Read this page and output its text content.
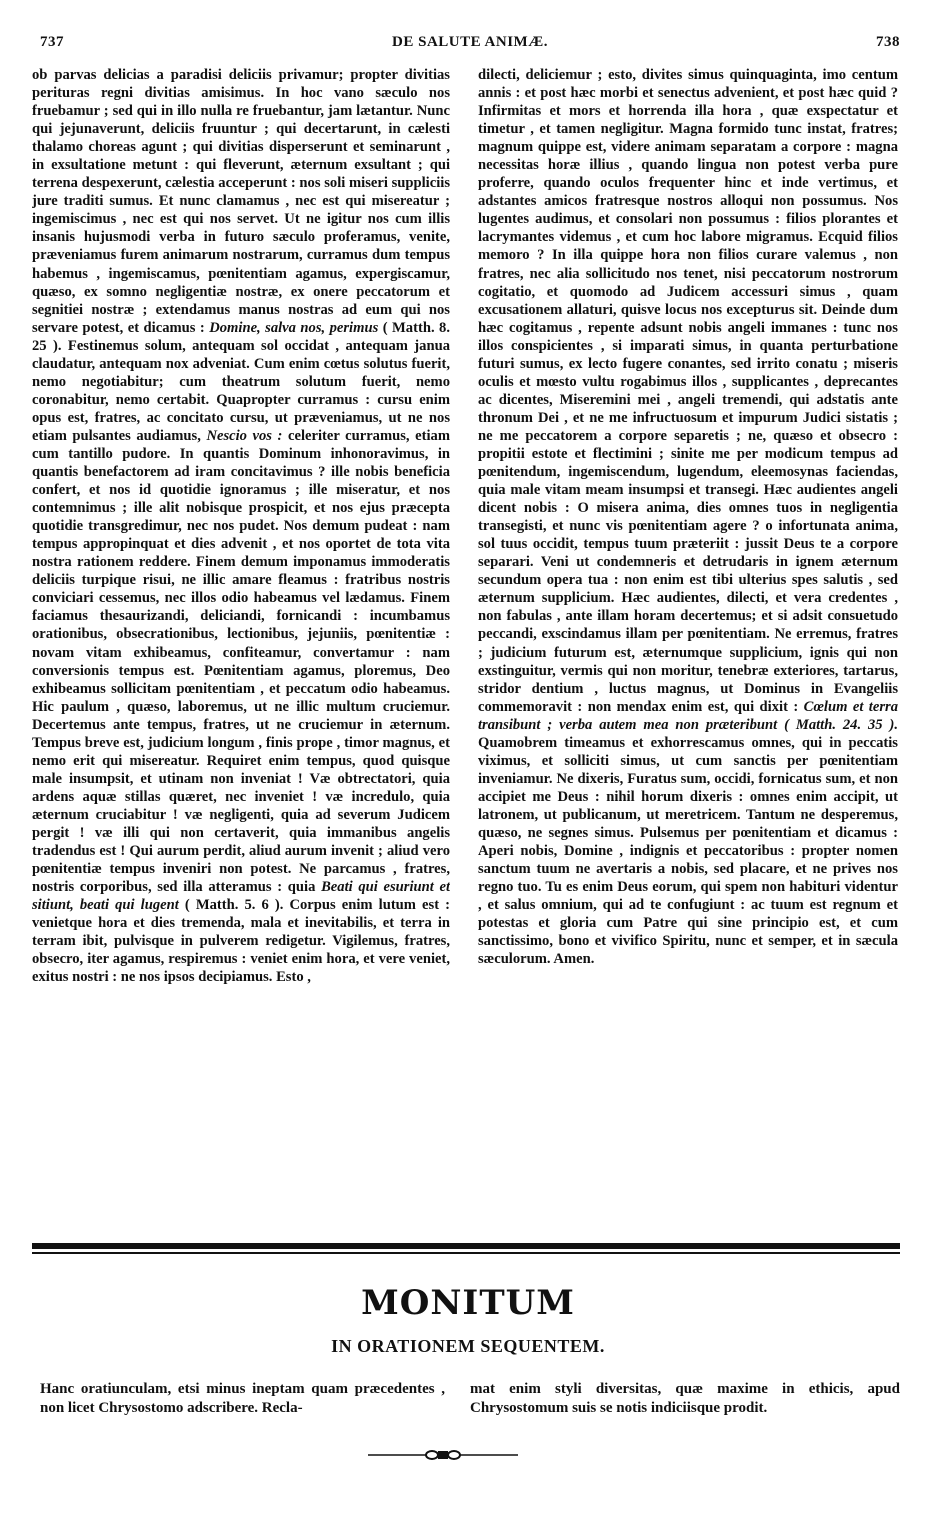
737	DE SALUTE ANIMÆ.	738

ob parvas delicias a paradisi deliciis privamur; propter divitias perituras regni divitias amisimus. In hoc vano sæculo nos fruebamur ; sed qui in illo nulla re fruebantur, jam lætantur. Nunc qui jejunaverunt, deliciis fruuntur ; qui decertarunt, in cælesti thalamo choreas agunt ; qui divitias disperserunt et seminarunt , in exsultatione metunt : qui fleverunt, æternum exsultant ; qui terrena despexerunt, cælestia acceperunt : nos soli miseri suppliciis jure traditi sumus. Et nunc clamamus , nec est qui misereatur ; ingemiscimus , nec est qui nos servet. Ut ne igitur nos cum illis insanis hujusmodi verba in futuro sæculo proferamus, venite, præveniamus furem animarum nostrarum, curramus dum tempus habemus , ingemiscamus, pœnitentiam agamus, expergiscamur, quæso, ex somno negligentiæ nostræ, ex onere peccatorum et segnitiei nostræ ; extendamus manus nostras ad eum qui nos servare potest, et dicamus : Domine, salva nos, perimus ( Matth. 8. 25 ). Festinemus solum, antequam sol occidat , antequam janua claudatur, antequam nox adveniat. Cum enim cœtus solutus fuerit, nemo negotiabitur; cum theatrum solutum fuerit, nemo coronabitur, nemo certabit. Quapropter curramus : cursu enim opus est, fratres, ac concitato cursu, ut præveniamus, ut ne nos etiam pulsantes audiamus, Nescio vos : celeriter curramus, etiam cum tantillo pudore. In quantis Dominum inhonoravimus, in quantis benefactorem ad iram concitavimus ? ille nobis beneficia confert, et nos id quotidie ignoramus ; ille miseratur, et nos contemnimus ; ille alit nobisque prospicit, et nos ejus præcepta quotidie transgredimur, nec nos pudet. Nos demum pudeat : nam tempus appropinquat et dies advenit , et nos oportet de tota vita nostra rationem reddere. Finem demum imponamus immoderatis deliciis turpique risui, ne illic amare fleamus : fratribus nostris conviciari cessemus, nec illos odio habeamus vel lædamus. Finem faciamus thesaurizandi, deliciandi, fornicandi : incumbamus orationibus, obsecrationibus, lectionibus, jejuniis, pœnitentiæ : novam vitam exhibeamus, confiteamur, convertamur : nam conversionis tempus est. Pœnitentiam agamus, ploremus, Deo exhibeamus sollicitam pœnitentiam , et peccatum odio habeamus. Hic paulum , quæso, laboremus, ut ne illic multum cruciemur. Decertemus ante tempus, fratres, ut ne cruciemur in æternum. Tempus breve est, judicium longum , finis prope , timor magnus, et nemo erit qui misereatur. Requiret enim tempus, quod quisque male insumpsit, et utinam non inveniat ! Væ obtrectatori, quia ardens aquæ stillas quæret, nec inveniet ! væ incredulo, quia æternum cruciabitur ! væ negligenti, quia ad severum Judicem pergit ! væ illi qui non certaverit, quia immanibus angelis tradendus est ! Qui aurum perdit, aliud aurum invenit ; aliud vero pœnitentiæ tempus inveniri non potest. Ne parcamus , fratres, nostris corporibus, sed illa atteramus : quia Beati qui esuriunt et sitiunt, beati qui lugent ( Matth. 5. 6 ). Corpus enim lutum est : venietque hora et dies tremenda, mala et inevitabilis, et terra in terram ibit, pulvisque in pulverem redigetur. Vigilemus, fratres, obsecro, iter agamus, respiremus : veniet enim hora, et vere veniet, exitus nostri : ne nos ipsos decipiamus. Esto ,

dilecti, deliciemur ; esto, divites simus quinquaginta, imo centum annis : et post hæc morbi et senectus advenient, et post hæc quid ? Infirmitas et mors et horrenda illa hora , quæ exspectatur et timetur , et tamen negligitur. Magna formido tunc instat, fratres; magnum quippe est, videre animam separatam a corpore : magna necessitas horæ illius , quando lingua non potest verba pure proferre, quando oculos frequenter hinc et inde vertimus, et adstantes amicos fratresque nostros alloqui non possumus. Nos lugentes audimus, et consolari non possumus : filios plorantes et lacrymantes videmus , et cum hoc labore migramus. Ecquid filios memoro ? In illa quippe hora non filios curare valemus , non fratres, nec alia sollicitudo nos tenet, nisi peccatorum nostrorum cogitatio, et quomodo ad Judicem accessuri simus , quam excusationem allaturi, quisve locus nos excepturus sit. Deinde dum hæc cogitamus , repente adsunt nobis angeli immanes : tunc nos illos conspicientes , si imparati simus, in quanta perturbatione futuri sumus, ex lecto fugere conantes, sed irrito conatu ; miseris oculis et mœsto vultu rogabimus illos , supplicantes , deprecantes ac dicentes, Miseremini mei , angeli tremendi, qui adstatis ante thronum Dei , et ne me infructuosum et impurum Judici sistatis ; ne me peccatorem a corpore separetis ; ne, quæso et obsecro : propitii estote et flectimini ; sinite me per modicum tempus ad pœnitendum, ingemiscendum, lugendum, eleemosynas faciendas, quia male vitam meam insumpsi et transegi. Hæc audientes angeli dicent nobis : O misera anima, dies omnes tuos in negligentia transegisti, et nunc vis pœnitentiam agere ? o infortunata anima, sol tuus occidit, tempus tuum præteriit : jussit Deus te a corpore separari. Veni ut condemneris et detrudaris in ignem æternum secundum opera tua : non enim est tibi ulterius spes salutis , sed æternum supplicium. Hæc audientes, dilecti, et vera credentes , non fabulas , ante illam horam decertemus; et si adsit consuetudo peccandi, exscindamus illam per pœnitentiam. Ne erremus, fratres ; judicium futurum est, æternumque supplicium, ignis qui non exstinguitur, vermis qui non moritur, tenebræ exteriores, tartarus, stridor dentium , luctus magnus, ut Dominus in Evangeliis commemoravit : non mendax enim est, qui dixit : Cœlum et terra transibunt ; verba autem mea non præteribunt ( Matth. 24. 35 ). Quamobrem timeamus et exhorrescamus omnes, qui in peccatis viximus, et solliciti simus, ut cum sanctis per pœnitentiam inveniamur. Ne dixeris, Furatus sum, occidi, fornicatus sum, et non accipiet me Deus : nihil horum dixeris : omnes enim accipit, ut latronem, ut publicanum, ut meretricem. Tantum ne desperemus, quæso, ne segnes simus. Pulsemus per pœnitentiam et dicamus : Aperi nobis, Domine , indignis et peccatoribus : propter nomen sanctum tuum ne avertaris a nobis, sed placare, et ne prives nos regno tuo. Tu es enim Deus eorum, qui spem non habituri videntur , et salus omnium, qui ad te confugiunt : ac tuum est regnum et potestas et gloria cum Patre qui sine principio est, et cum sanctissimo, bono et vivifico Spiritu, nunc et semper, et in sæcula sæculorum. Amen.

MONITUM
IN ORATIONEM SEQUENTEM.
Hanc oratiunculam, etsi minus ineptam quam præcedentes , non licet Chrysostomo adscribere. Recla-
mat enim styli diversitas, quæ maxime in ethicis, apud Chrysostomum suis se notis indiciisque prodit.
